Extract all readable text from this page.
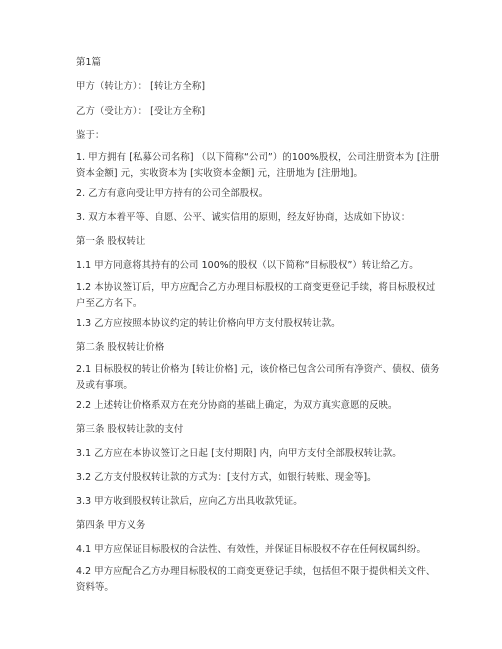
第1篇
甲方（转让方）： [转让方全称]
乙方（受让方）： [受让方全称]
鉴于：
1. 甲方拥有 [私募公司名称] （以下简称“公司”）的100%股权，公司注册资本为 [注册资本金额] 元，实收资本为 [实收资本金额] 元，注册地为 [注册地]。
2. 乙方有意向受让甲方持有的公司全部股权。
3. 双方本着平等、自愿、公平、诚实信用的原则，经友好协商，达成如下协议：
第一条 股权转让
1.1 甲方同意将其持有的公司 100%的股权（以下简称“目标股权”）转让给乙方。
1.2 本协议签订后，甲方应配合乙方办理目标股权的工商变更登记手续，将目标股权过户至乙方名下。
1.3 乙方应按照本协议约定的转让价格向甲方支付股权转让款。
第二条 股权转让价格
2.1 目标股权的转让价格为 [转让价格] 元，该价格已包含公司所有净资产、债权、债务及或有事项。
2.2 上述转让价格系双方在充分协商的基础上确定，为双方真实意愿的反映。
第三条 股权转让款的支付
3.1 乙方应在本协议签订之日起 [支付期限] 内，向甲方支付全部股权转让款。
3.2 乙方支付股权转让款的方式为：[支付方式，如银行转账、现金等]。
3.3 甲方收到股权转让款后，应向乙方出具收款凭证。
第四条 甲方义务
4.1 甲方应保证目标股权的合法性、有效性，并保证目标股权不存在任何权属纠纷。
4.2 甲方应配合乙方办理目标股权的工商变更登记手续，包括但不限于提供相关文件、资料等。
